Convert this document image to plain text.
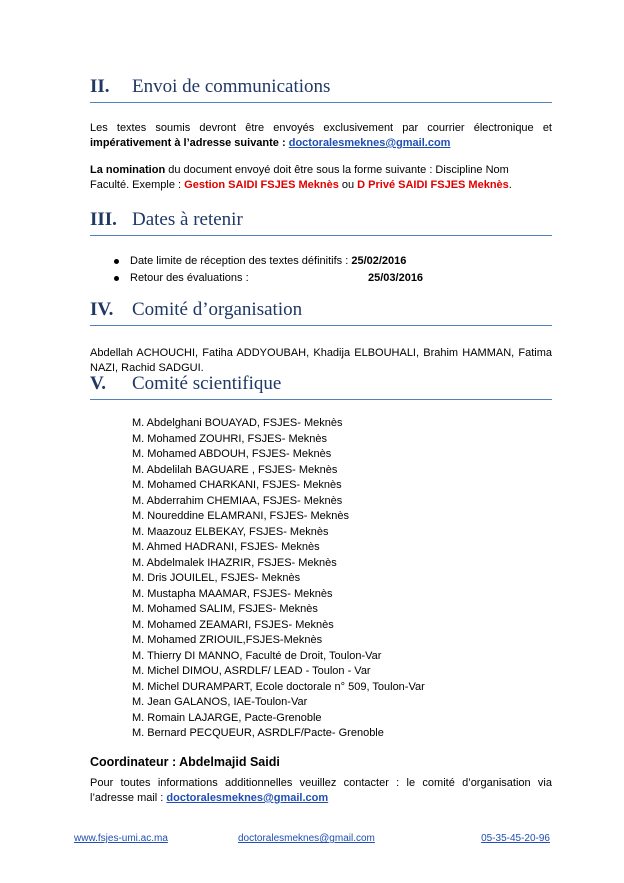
II. Envoi de communications
Les textes soumis devront être envoyés exclusivement par courrier électronique et
impérativement à l’adresse suivante : doctoralesmeknes@gmail.com
La nomination du document envoyé doit être sous la forme suivante : Discipline Nom
Faculté. Exemple : Gestion SAIDI FSJES Meknès ou D Privé SAIDI FSJES Meknès.
III. Dates à retenir
Date limite de réception des textes définitifs : 25/02/2016
Retour des évaluations :	25/03/2016
IV. Comité d’organisation
Abdellah ACHOUCHI, Fatiha ADDYOUBAH, Khadija ELBOUHALI, Brahim HAMMAN, Fatima
NAZI, Rachid SADGUI.
V. Comité scientifique
M. Abdelghani BOUAYAD, FSJES- Meknès
M. Mohamed ZOUHRI, FSJES- Meknès
M. Mohamed ABDOUH, FSJES- Meknès
M. Abdelilah BAGUARE , FSJES- Meknès
M. Mohamed CHARKANI, FSJES- Meknès
M. Abderrahim CHEMIAA, FSJES- Meknès
M. Noureddine ELAMRANI, FSJES- Meknès
M. Maazouz ELBEKAY, FSJES- Meknès
M. Ahmed HADRANI, FSJES- Meknès
M. Abdelmalek IHAZRIR, FSJES- Meknès
M. Dris JOUILEL, FSJES- Meknès
M. Mustapha MAAMAR, FSJES- Meknès
M. Mohamed SALIM, FSJES- Meknès
M. Mohamed ZEAMARI, FSJES- Meknès
M. Mohamed ZRIOUIL,FSJES-Meknès
M. Thierry DI MANNO, Faculté de Droit, Toulon-Var
M. Michel DIMOU, ASRDLF/ LEAD - Toulon - Var
M. Michel DURAMPART, Ecole doctorale n° 509, Toulon-Var
M. Jean GALANOS, IAE-Toulon-Var
M. Romain LAJARGE, Pacte-Grenoble
M. Bernard PECQUEUR, ASRDLF/Pacte- Grenoble
Coordinateur : Abdelmajid Saidi
Pour toutes informations additionnelles veuillez contacter : le comité d’organisation via
l’adresse mail : doctoralesmeknes@gmail.com
www.fsjes-umi.ac.ma	doctoralesmeknes@gmail.com	05-35-45-20-96
